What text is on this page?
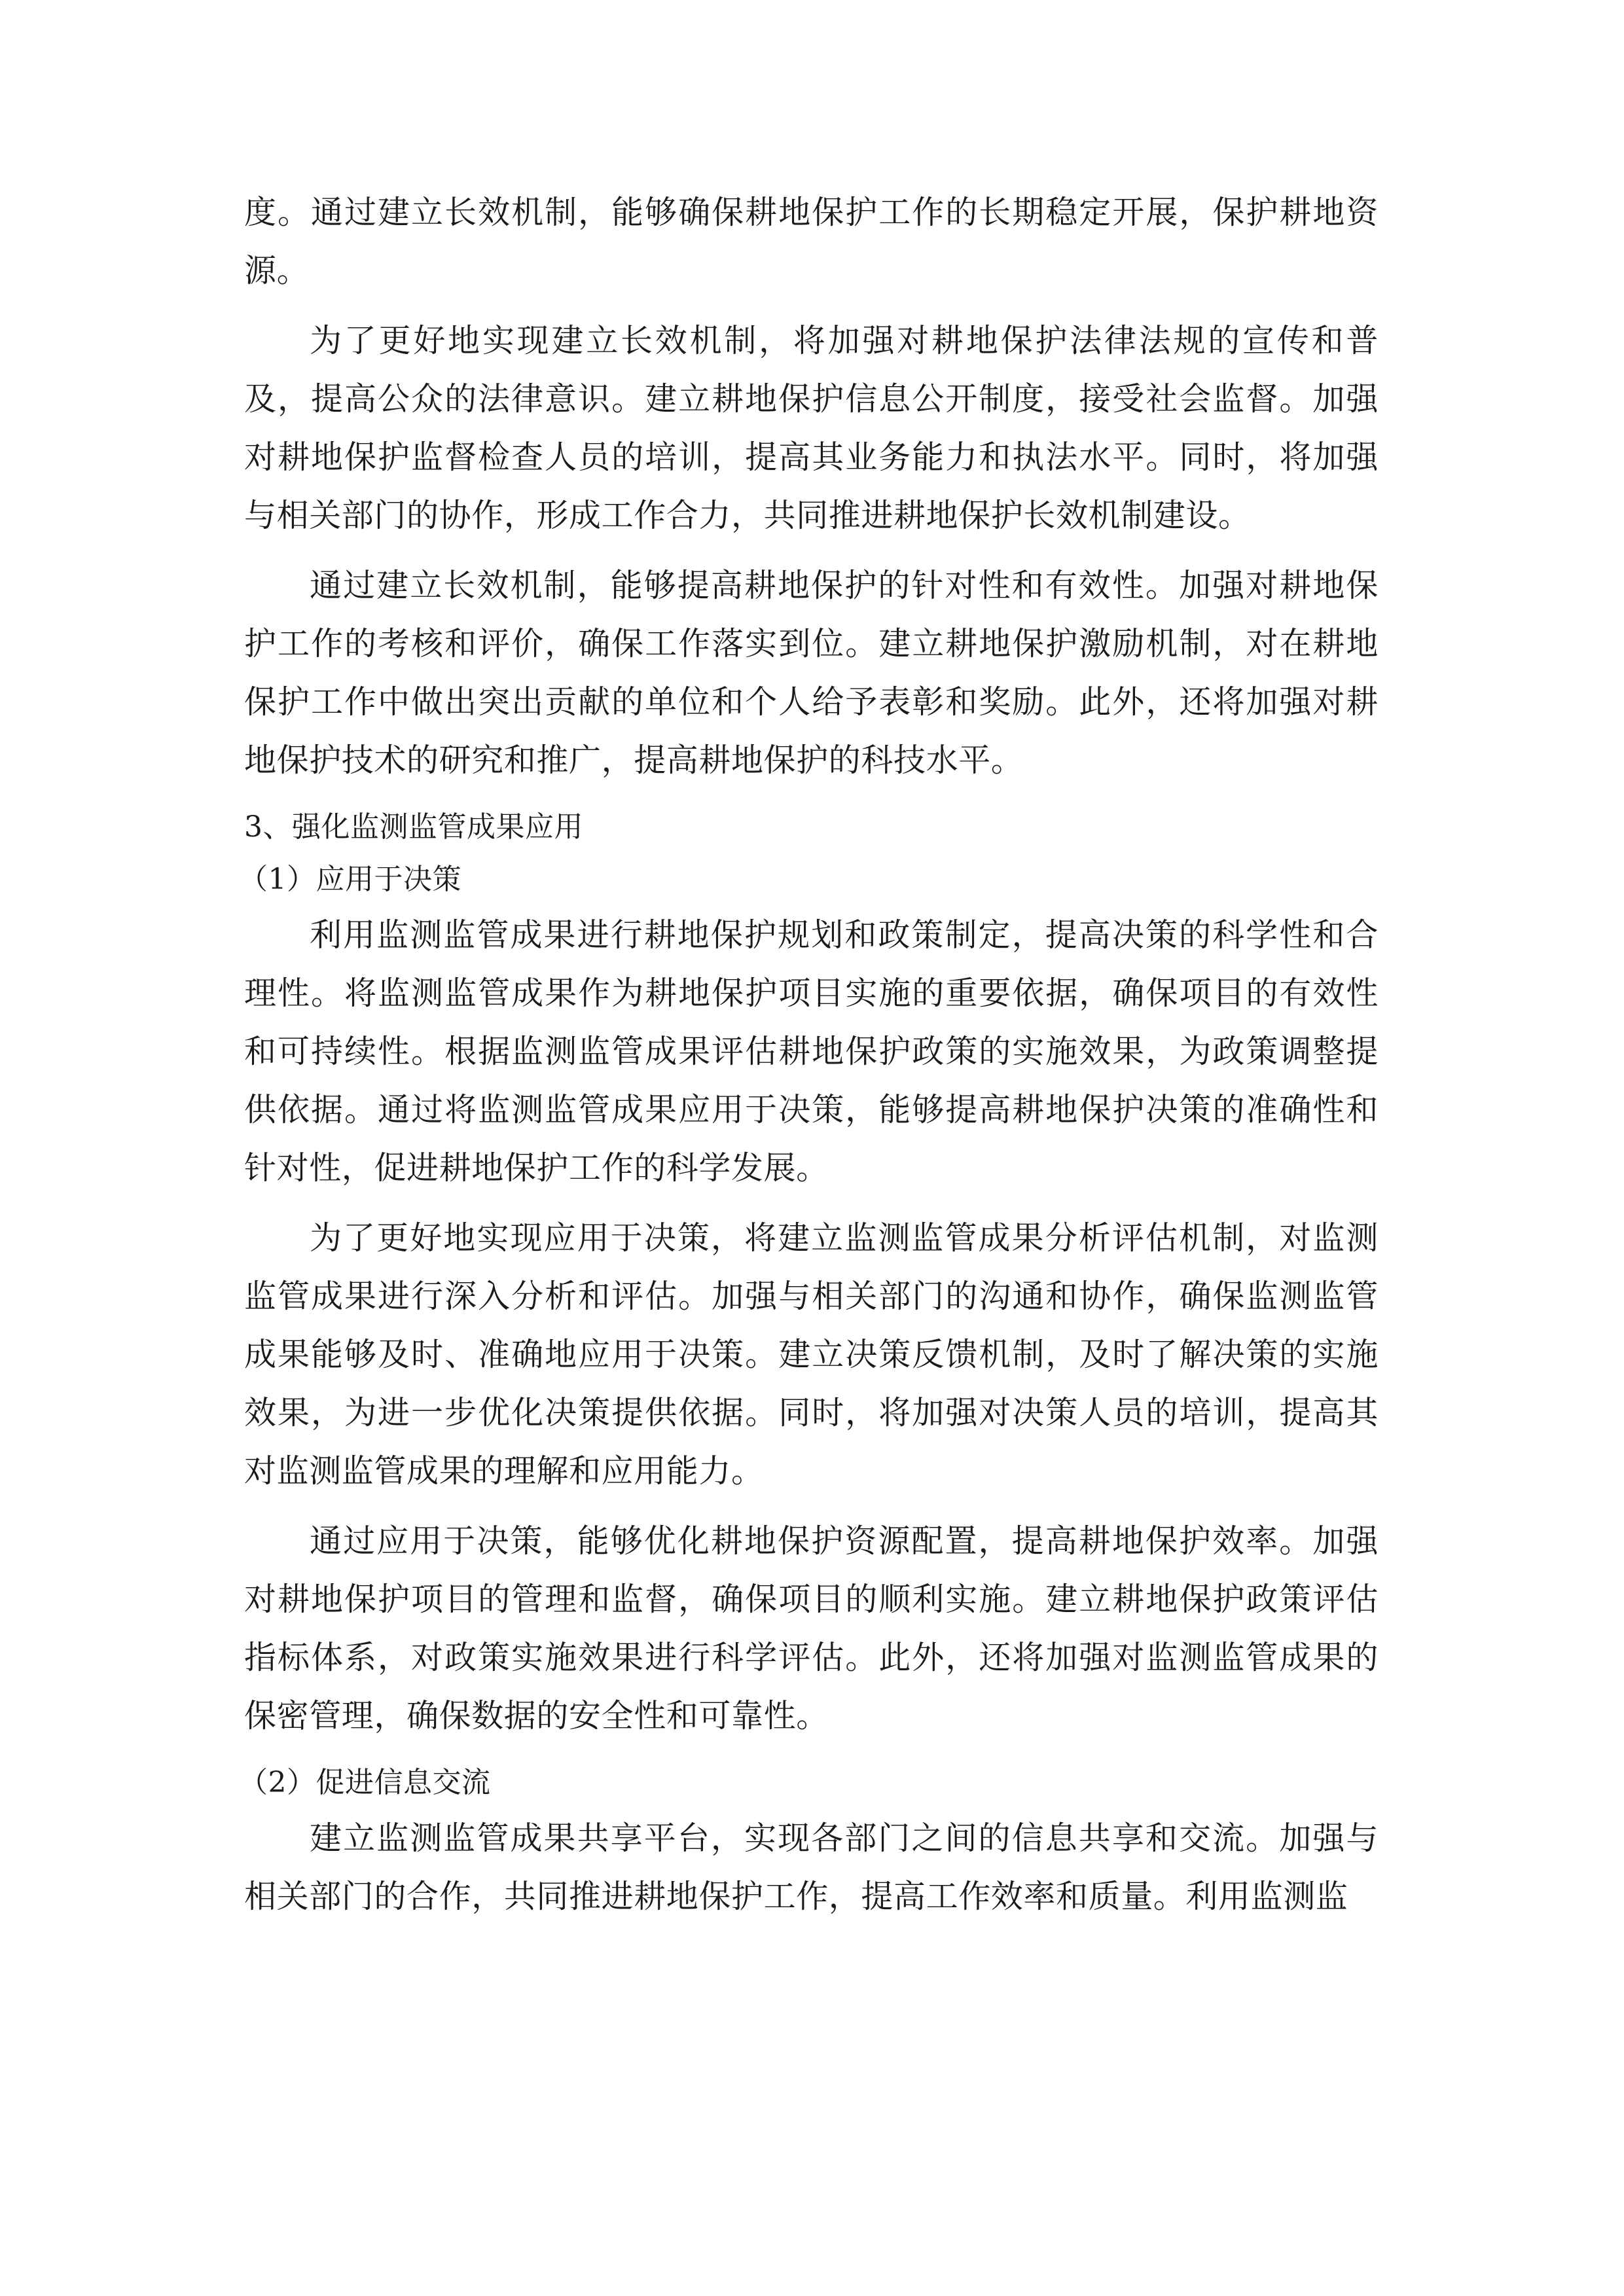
度。通过建立长效机制，能够确保耕地保护工作的长期稳定开展，保护耕地资源。

为了更好地实现建立长效机制，将加强对耕地保护法律法规的宣传和普及，提高公众的法律意识。建立耕地保护信息公开制度，接受社会监督。加强对耕地保护监督检查人员的培训，提高其业务能力和执法水平。同时，将加强与相关部门的协作，形成工作合力，共同推进耕地保护长效机制建设。

通过建立长效机制，能够提高耕地保护的针对性和有效性。加强对耕地保护工作的考核和评价，确保工作落实到位。建立耕地保护激励机制，对在耕地保护工作中做出突出贡献的单位和个人给予表彰和奖励。此外，还将加强对耕地保护技术的研究和推广，提高耕地保护的科技水平。

3、强化监测监管成果应用
（1）应用于决策

利用监测监管成果进行耕地保护规划和政策制定，提高决策的科学性和合理性。将监测监管成果作为耕地保护项目实施的重要依据，确保项目的有效性和可持续性。根据监测监管成果评估耕地保护政策的实施效果，为政策调整提供依据。通过将监测监管成果应用于决策，能够提高耕地保护决策的准确性和针对性，促进耕地保护工作的科学发展。

为了更好地实现应用于决策，将建立监测监管成果分析评估机制，对监测监管成果进行深入分析和评估。加强与相关部门的沟通和协作，确保监测监管成果能够及时、准确地应用于决策。建立决策反馈机制，及时了解决策的实施效果，为进一步优化决策提供依据。同时，将加强对决策人员的培训，提高其对监测监管成果的理解和应用能力。

通过应用于决策，能够优化耕地保护资源配置，提高耕地保护效率。加强对耕地保护项目的管理和监督，确保项目的顺利实施。建立耕地保护政策评估指标体系，对政策实施效果进行科学评估。此外，还将加强对监测监管成果的保密管理，确保数据的安全性和可靠性。

（2）促进信息交流

建立监测监管成果共享平台，实现各部门之间的信息共享和交流。加强与相关部门的合作，共同推进耕地保护工作，提高工作效率和质量。利用监测监
